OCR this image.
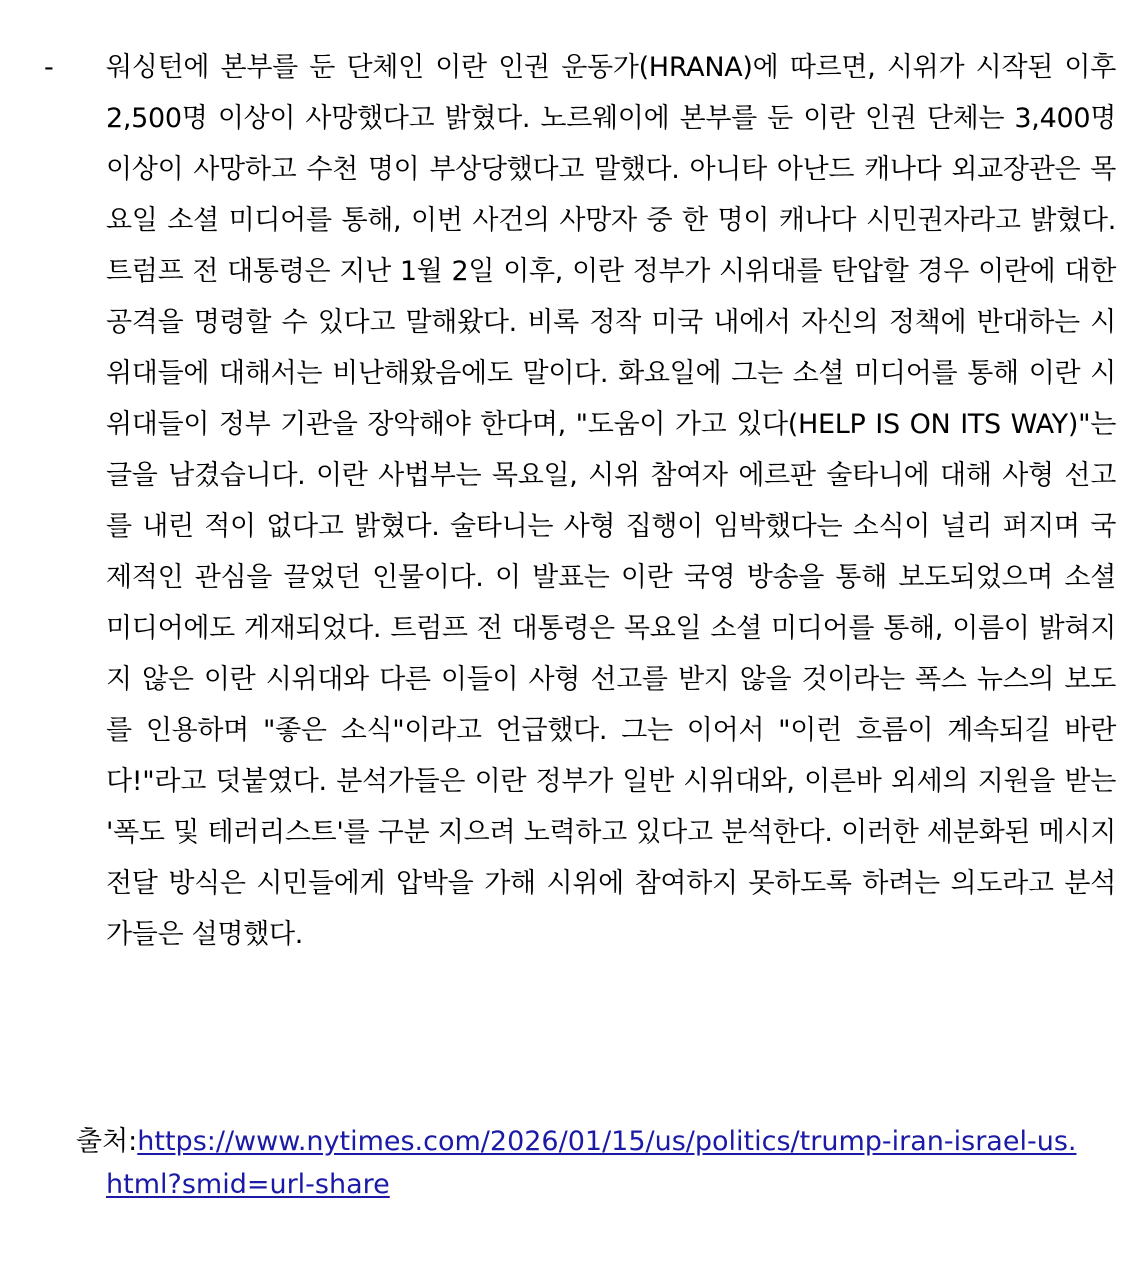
- 워싱턴에 본부를 둔 단체인 이란 인권 운동가(HRANA)에 따르면, 시위가 시작된 이후 2,500명 이상이 사망했다고 밝혔다. 노르웨이에 본부를 둔 이란 인권 단체는 3,400명 이상이 사망하고 수천 명이 부상당했다고 말했다. 아니타 아난드 캐나다 외교장관은 목요일 소셜 미디어를 통해, 이번 사건의 사망자 중 한 명이 캐나다 시민권자라고 밝혔다. 트럼프 전 대통령은 지난 1월 2일 이후, 이란 정부가 시위대를 탄압할 경우 이란에 대한 공격을 명령할 수 있다고 말해왔다. 비록 정작 미국 내에서 자신의 정책에 반대하는 시위대들에 대해서는 비난해왔음에도 말이다. 화요일에 그는 소셜 미디어를 통해 이란 시위대들이 정부 기관을 장악해야 한다며, "도움이 가고 있다(HELP IS ON ITS WAY)"는 글을 남겼습니다. 이란 사법부는 목요일, 시위 참여자 에르판 술타니에 대해 사형 선고를 내린 적이 없다고 밝혔다. 술타니는 사형 집행이 임박했다는 소식이 널리 퍼지며 국제적인 관심을 끌었던 인물이다. 이 발표는 이란 국영 방송을 통해 보도되었으며 소셜 미디어에도 게재되었다. 트럼프 전 대통령은 목요일 소셜 미디어를 통해, 이름이 밝혀지지 않은 이란 시위대와 다른 이들이 사형 선고를 받지 않을 것이라는 폭스 뉴스의 보도를 인용하며 "좋은 소식"이라고 언급했다. 그는 이어서 "이런 흐름이 계속되길 바란다!"라고 덧붙였다. 분석가들은 이란 정부가 일반 시위대와, 이른바 외세의 지원을 받는 '폭도 및 테러리스트'를 구분 지으려 노력하고 있다고 분석한다. 이러한 세분화된 메시지 전달 방식은 시민들에게 압박을 가해 시위에 참여하지 못하도록 하려는 의도라고 분석가들은 설명했다.

출처:https://www.nytimes.com/2026/01/15/us/politics/trump-iran-israel-us.html?smid=url-share
